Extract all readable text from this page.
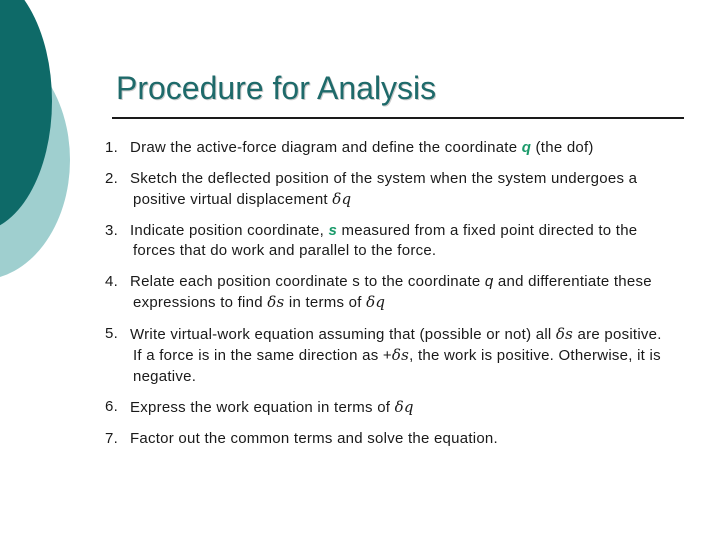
Procedure for Analysis
1. Draw the active-force diagram and define the coordinate q (the dof)
2. Sketch the deflected position of the system when the system undergoes a
positive virtual displacement δq
3. Indicate position coordinate, s measured from a fixed point directed to the
forces that do work and parallel to the force.
4. Relate each position coordinate s to the coordinate q and differentiate these
expressions to find δs in terms of δq
5. Write virtual-work equation assuming that (possible or not) all δs are positive.
If a force is in the same direction as +δs, the work is positive. Otherwise, it is
negative.
6. Express the work equation in terms of δq
7. Factor out the common terms and solve the equation.
